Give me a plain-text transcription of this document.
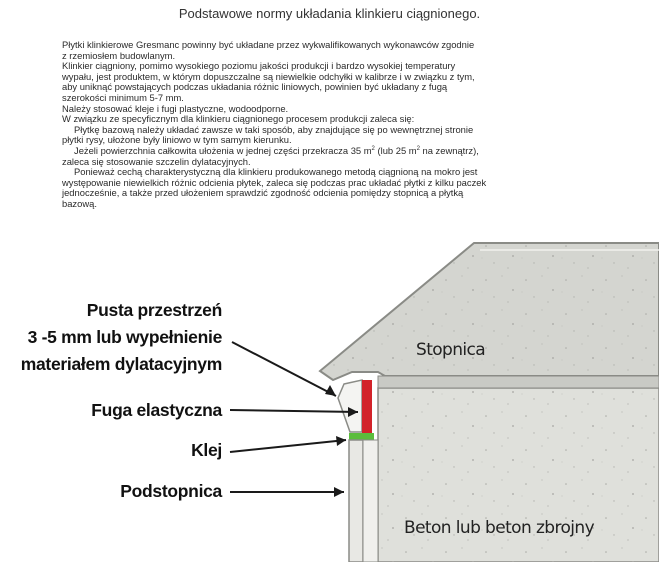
Podstawowe normy układania klinkieru ciągnionego.

Płytki klinkierowe Gresmanc powinny być układane przez wykwalifikowanych wykonawców zgodnie

z rzemiosłem budowlanym.

Klinkier ciągniony, pomimo wysokiego poziomu jakości produkcji i bardzo wysokiej temperatury

wypału, jest produktem, w którym dopuszczalne są niewielkie odchyłki w kalibrze i w związku z tym,

aby uniknąć powstających podczas układania różnic liniowych, powinien być układany z fugą

szerokości minimum 5-7 mm.

Należy stosować kleje i fugi plastyczne, wodoodporne.

W związku ze specyficznym dla klinkieru ciągnionego procesem produkcji zaleca się:

Płytkę bazową należy układać zawsze w taki sposób, aby znajdujące się po wewnętrznej stronie

płytki rysy, ułożone były liniowo w tym samym kierunku.

Jeżeli powierzchnia całkowita ułożenia w jednej części przekracza 35 $m^2$ (lub 25 $m^2$ na zewnątrz),

zaleca się stosowanie szczelin dylatacyjnych.

Ponieważ cechą charakterystyczną dla klinkieru produkowanego metodą ciągnioną na mokro jest

występowanie niewielkich różnic odcienia płytek, zaleca się podczas prac układać płytki z kilku paczek

jednocześnie, a także przed ułożeniem sprawdzić zgodność odcienia pomiędzy stopnicą a płytką

bazową.

Pusta przestrzeń
3 -5 mm lub wypełnienie
materiałem dylatacyjnym
Fuga elastyczna
Klej
Podstopnica
Stopnica
Beton lub beton zbrojny
